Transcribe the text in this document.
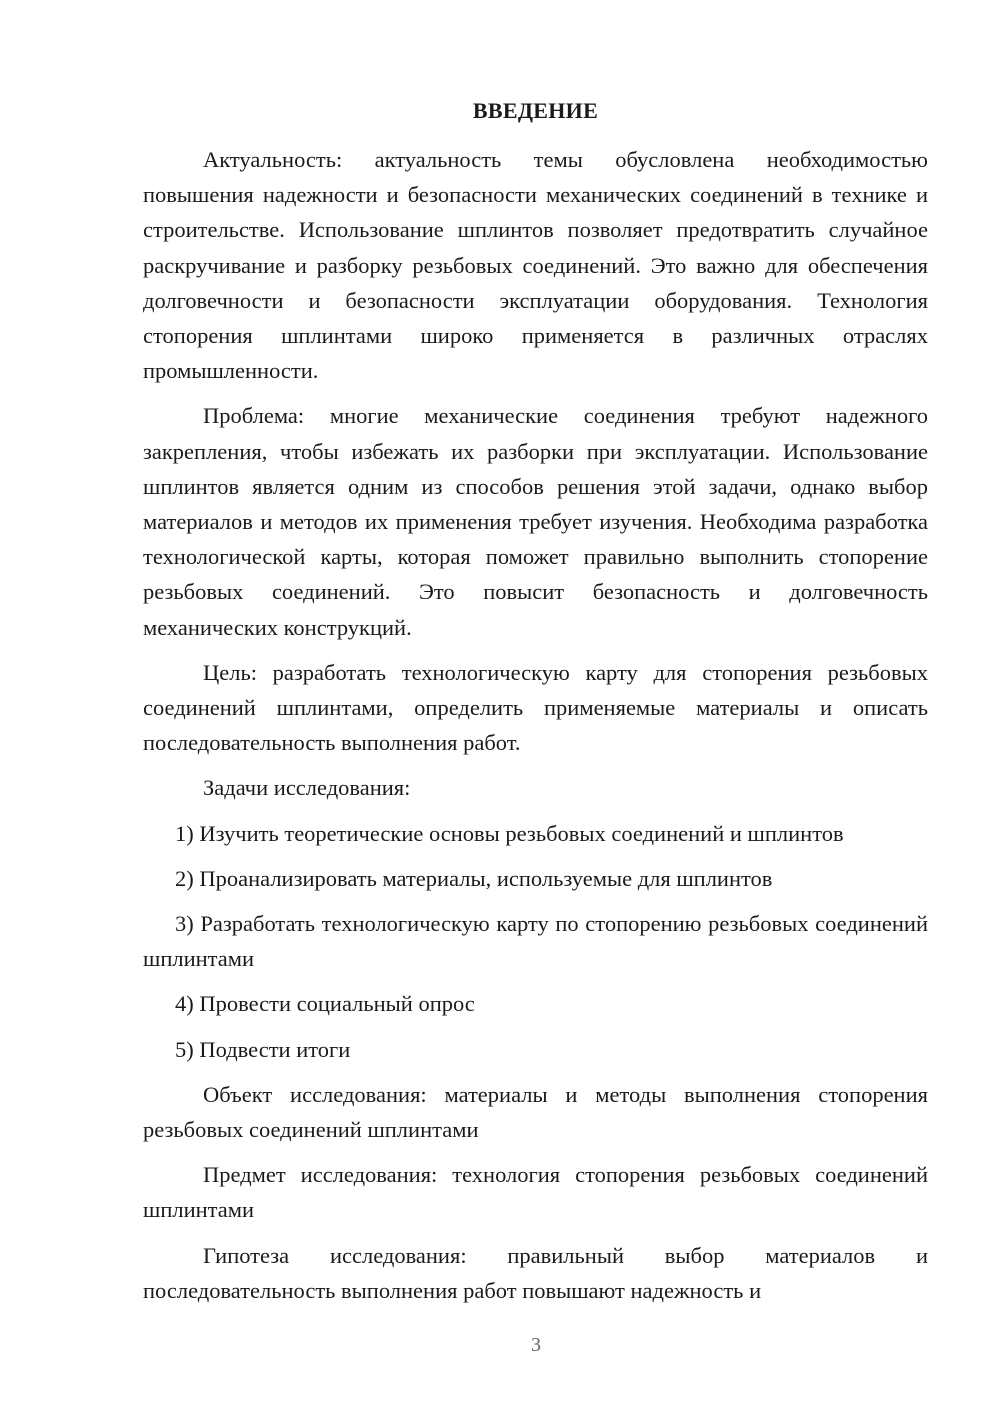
ВВЕДЕНИЕ

Актуальность: актуальность темы обусловлена необходимостью повышения надежности и безопасности механических соединений в технике и строительстве. Использование шплинтов позволяет предотвратить случайное раскручивание и разборку резьбовых соединений. Это важно для обеспечения долговечности и безопасности эксплуатации оборудования. Технология стопорения шплинтами широко применяется в различных отраслях промышленности.

Проблема: многие механические соединения требуют надежного закрепления, чтобы избежать их разборки при эксплуатации. Использование шплинтов является одним из способов решения этой задачи, однако выбор материалов и методов их применения требует изучения. Необходима разработка технологической карты, которая поможет правильно выполнить стопорение резьбовых соединений. Это повысит безопасность и долговечность механических конструкций.

Цель: разработать технологическую карту для стопорения резьбовых соединений шплинтами, определить применяемые материалы и описать последовательность выполнения работ.

Задачи исследования:

1) Изучить теоретические основы резьбовых соединений и шплинтов

2) Проанализировать материалы, используемые для шплинтов

3) Разработать технологическую карту по стопорению резьбовых соединений шплинтами

4) Провести социальный опрос

5) Подвести итоги

Объект исследования: материалы и методы выполнения стопорения резьбовых соединений шплинтами

Предмет исследования: технология стопорения резьбовых соединений шплинтами

Гипотеза исследования: правильный выбор материалов и последовательность выполнения работ повышают надежность и

3
